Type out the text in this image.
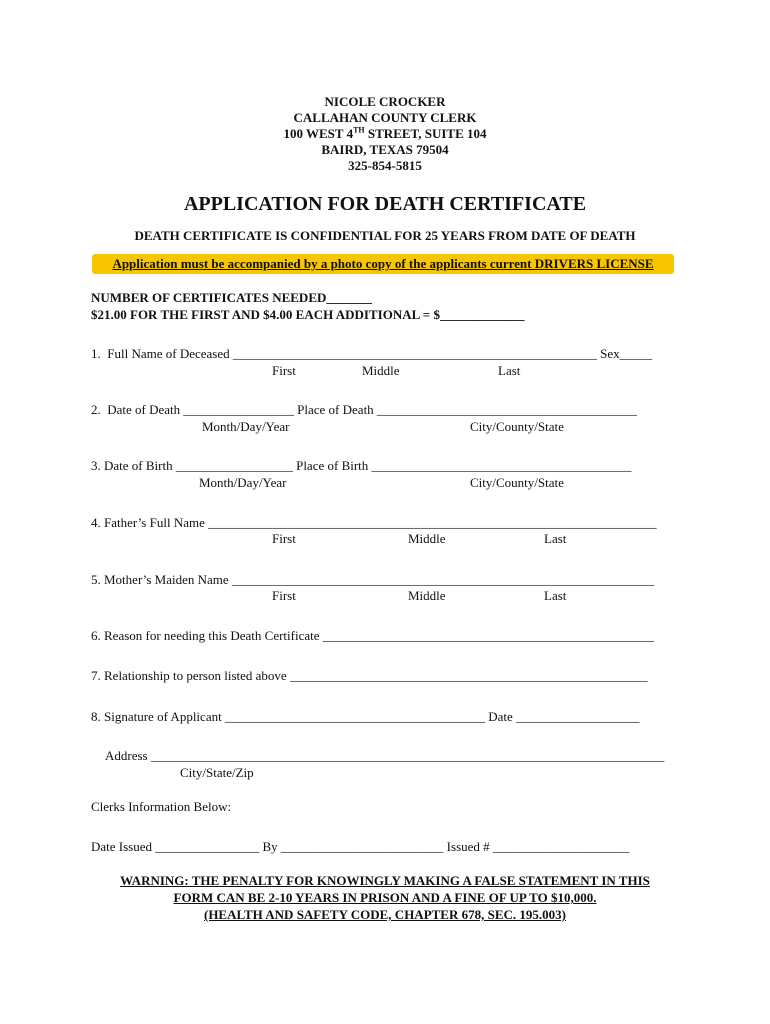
NICOLE CROCKER
CALLAHAN COUNTY CLERK
100 WEST 4TH STREET, SUITE 104
BAIRD, TEXAS 79504
325-854-5815
APPLICATION FOR DEATH CERTIFICATE
DEATH CERTIFICATE IS CONFIDENTIAL FOR 25 YEARS FROM DATE OF DEATH
Application must be accompanied by a photo copy of the applicants current DRIVERS LICENSE
NUMBER OF CERTIFICATES NEEDED_______
$21.00 FOR THE FIRST AND $4.00 EACH ADDITIONAL = $_____________
1.  Full Name of Deceased ________________________________________________________ Sex_____
First	Middle	Last
2.  Date of Death _________________ Place of Death ________________________________________
Month/Day/Year	City/County/State
3. Date of Birth __________________ Place of Birth ________________________________________
Month/Day/Year	City/County/State
4. Father’s Full Name _____________________________________________________________________
First	Middle	Last
5. Mother’s Maiden Name _________________________________________________________________
First	Middle	Last
6. Reason for needing this Death Certificate ___________________________________________________
7. Relationship to person listed above _______________________________________________________
8. Signature of Applicant ________________________________________ Date ___________________
Address _______________________________________________________________________________
City/State/Zip
Clerks Information Below:
Date Issued ________________ By _________________________ Issued # _____________________
WARNING: THE PENALTY FOR KNOWINGLY MAKING A FALSE STATEMENT IN THIS
FORM CAN BE 2-10 YEARS IN PRISON AND A FINE OF UP TO $10,000.
(HEALTH AND SAFETY CODE, CHAPTER 678, SEC. 195.003)
